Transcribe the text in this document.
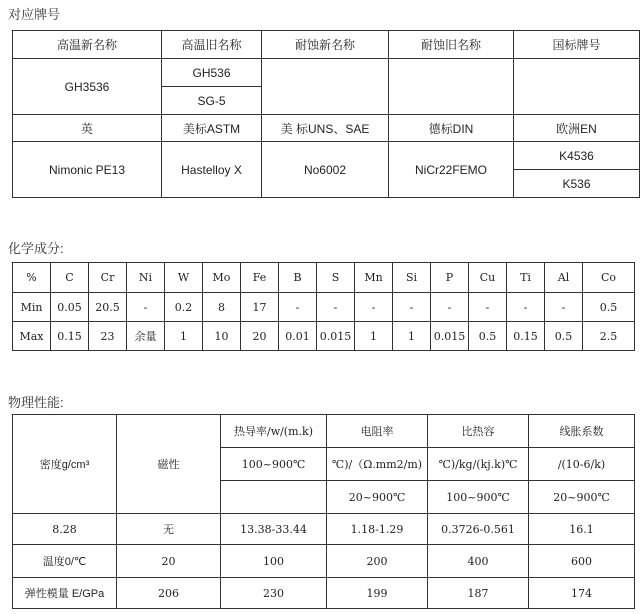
对应牌号
高温新名称	高温旧名称	耐蚀新名称	耐蚀旧名称	国标牌号
GH3536	GH536			
	SG-5			
英	美标ASTM	美 标UNS、SAE	德标DIN	欧洲EN
Nimonic PE13	Hastelloy X	No6002	NiCr22FEMO	K4536
				K536
化学成分:
%	C	Cr	Ni	W	Mo	Fe	B	S	Mn	Si	P	Cu	Ti	Al	Co
Min	0.05	20.5	-	0.2	8	17	-	-	-	-	-	-	-	-	0.5
Max	0.15	23	余量	1	10	20	0.01	0.015	1	1	0.015	0.5	0.15	0.5	2.5
物理性能:
密度g/cm³	磁性	热导率/w/(m.k)	电阻率	比热容	线胀系数
		100~900℃	℃)/（Ω.mm2/m)	℃)/kg/(kj.k)℃	/(10-6/k)
			20~900℃	100~900℃	20~900℃
8.28	无	13.38-33.44	1.18-1.29	0.3726-0.561	16.1
温度0/℃	20	100	200	400	600
弹性模量 E/GPa	206	230	199	187	174
